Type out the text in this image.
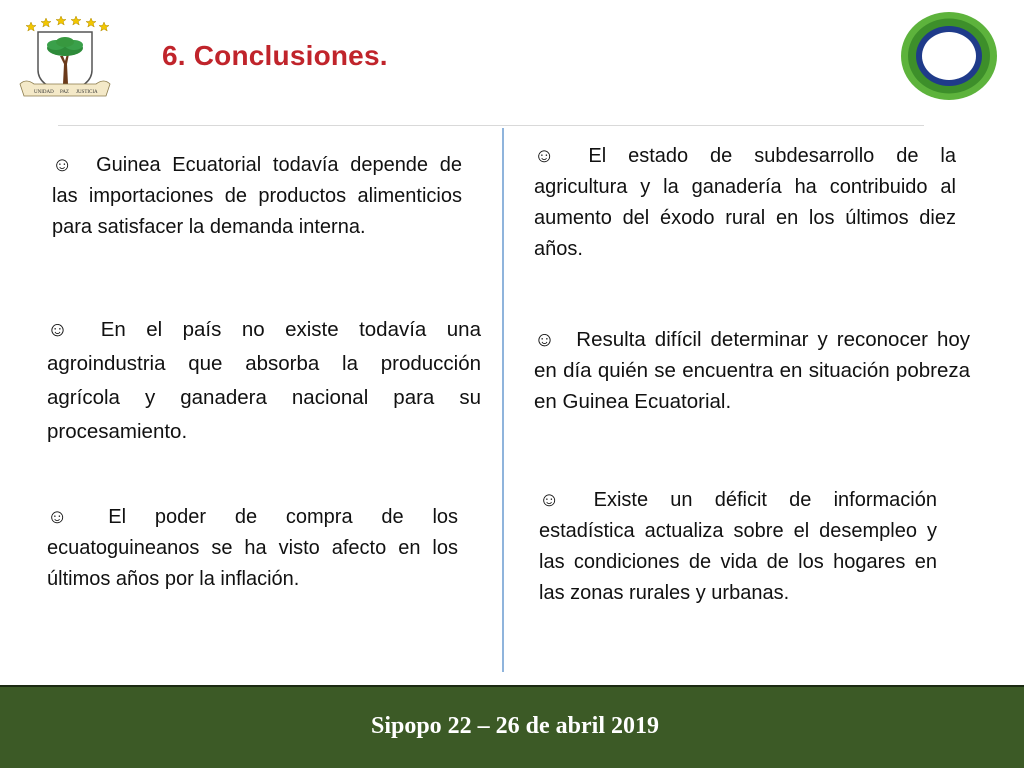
UNIDAD PAZ JUSTICIA
6. Conclusiones.

☺ Guinea Ecuatorial todavía depende de las importaciones de productos alimenticios para satisfacer la demanda interna.

☺ En el país no existe todavía una agroindustria que absorba la producción agrícola y ganadera nacional para su procesamiento.

☺ El poder de compra de los ecuatoguineanos se ha visto afecto en los últimos años por la inflación.

☺ El estado de subdesarrollo de la agricultura y la ganadería ha contribuido al aumento del éxodo rural en los últimos diez años.

☺ Resulta difícil determinar y reconocer hoy en día quién se encuentra en situación pobreza en Guinea Ecuatorial.

☺ Existe un déficit de información estadística actualiza sobre el desempleo y las condiciones de vida de los hogares en las zonas rurales y urbanas.

Sipopo 22 – 26 de abril 2019
